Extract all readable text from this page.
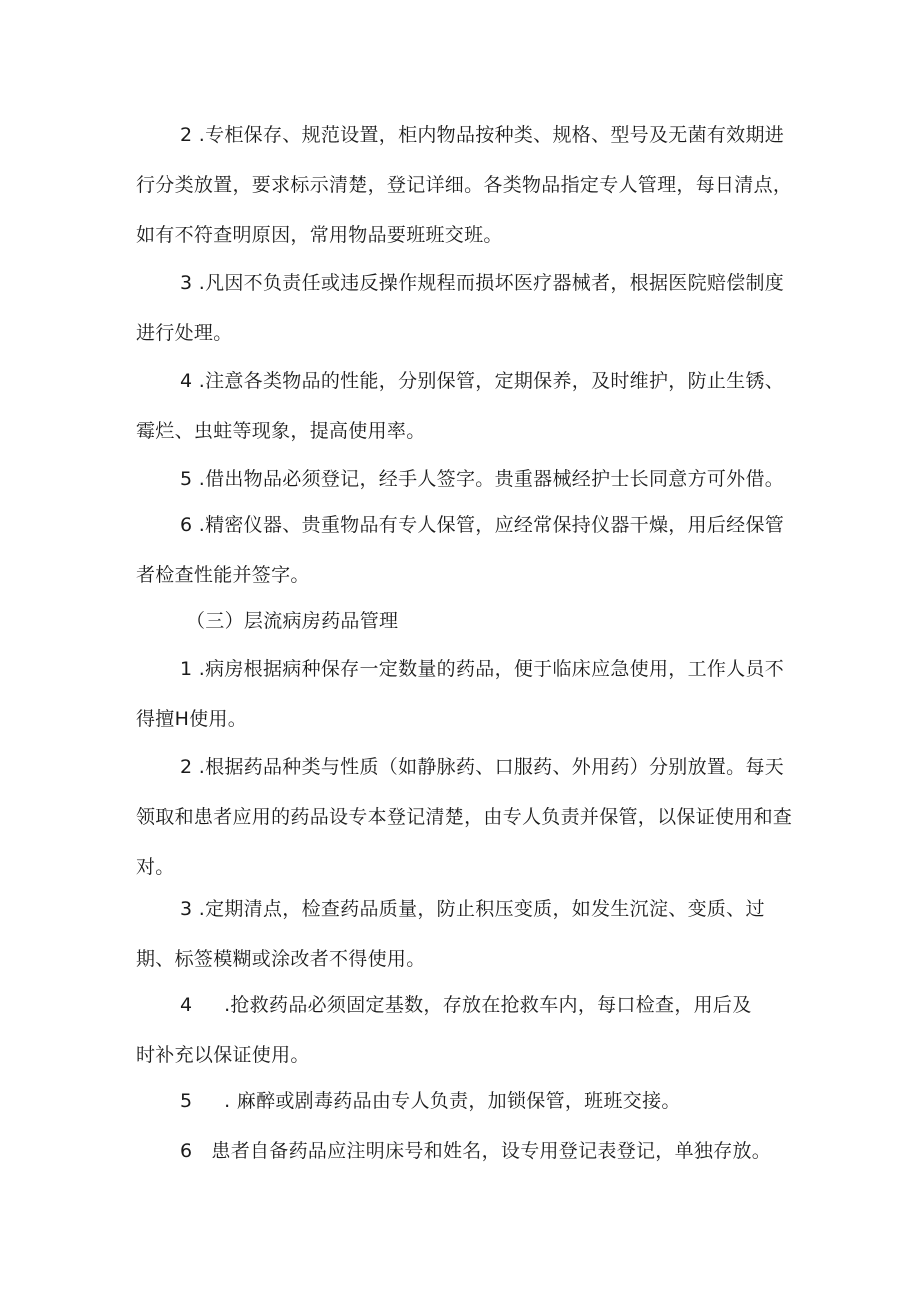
2 .专柜保存、规范设置，柜内物品按种类、规格、型号及无菌有效期进行分类放置，要求标示清楚，登记详细。各类物品指定专人管理，每日清点，如有不符查明原因，常用物品要班班交班。

3 .凡因不负责任或违反操作规程而损坏医疗器械者，根据医院赔偿制度进行处理。

4 .注意各类物品的性能，分别保管，定期保养，及时维护，防止生锈、霉烂、虫蛀等现象，提高使用率。

5 .借出物品必须登记，经手人签字。贵重器械经护士长同意方可外借。

6 .精密仪器、贵重物品有专人保管，应经常保持仪器干燥，用后经保管者检查性能并签字。

（三）层流病房药品管理

1 .病房根据病种保存一定数量的药品，便于临床应急使用，工作人员不得擅H使用。

2 .根据药品种类与性质（如静脉药、口服药、外用药）分别放置。每天领取和患者应用的药品设专本登记清楚，由专人负责并保管，以保证使用和查对。

3 .定期清点，检查药品质量，防止积压变质，如发生沉淀、变质、过期、标签模糊或涂改者不得使用。

4     .抢救药品必须固定基数，存放在抢救车内，每口检查，用后及时补充以保证使用。

5     . 麻醉或剧毒药品由专人负责，加锁保管，班班交接。

6   患者自备药品应注明床号和姓名，设专用登记表登记，单独存放。
